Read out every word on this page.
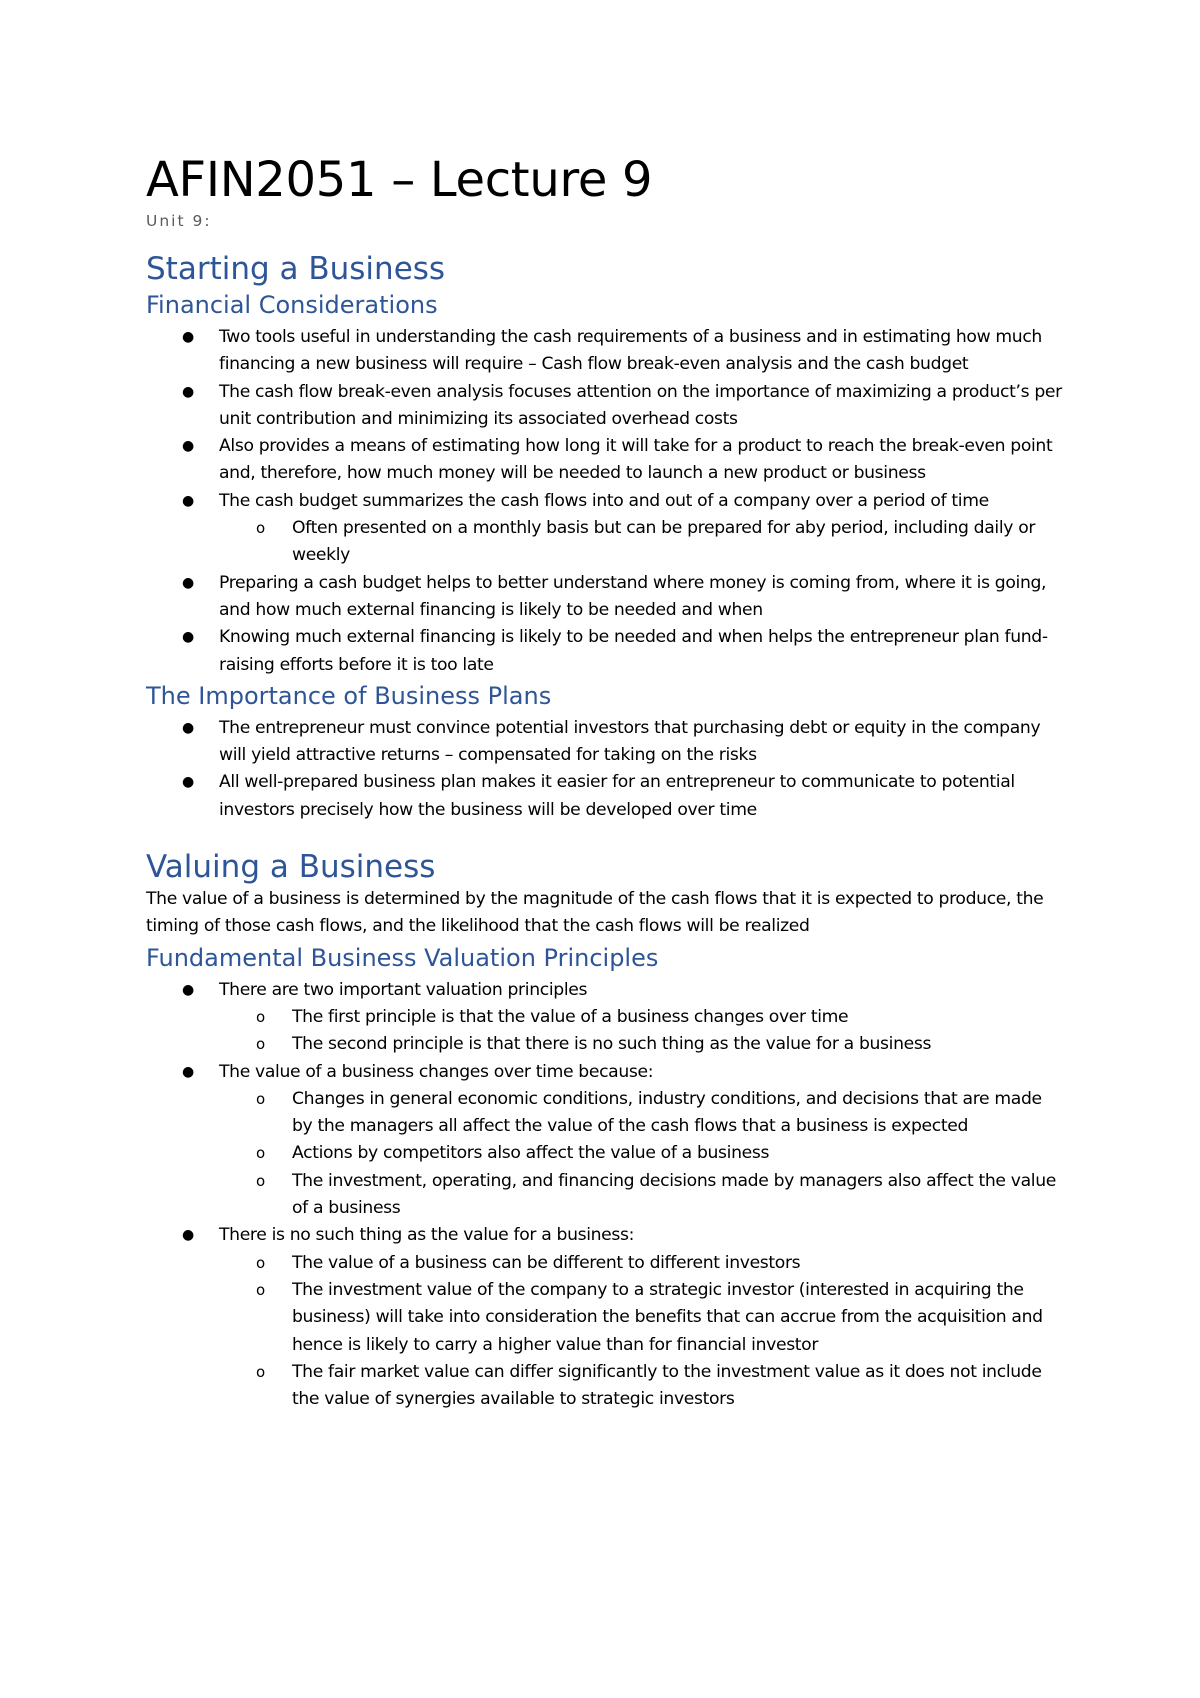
AFIN2051 – Lecture 9
Unit 9:
Starting a Business
Financial Considerations
● Two tools useful in understanding the cash requirements of a business and in estimating how much financing a new business will require – Cash flow break-even analysis and the cash budget
● The cash flow break-even analysis focuses attention on the importance of maximizing a product’s per unit contribution and minimizing its associated overhead costs
● Also provides a means of estimating how long it will take for a product to reach the break-even point and, therefore, how much money will be needed to launch a new product or business
● The cash budget summarizes the cash flows into and out of a company over a period of time
o Often presented on a monthly basis but can be prepared for aby period, including daily or weekly
● Preparing a cash budget helps to better understand where money is coming from, where it is going, and how much external financing is likely to be needed and when
● Knowing much external financing is likely to be needed and when helps the entrepreneur plan fund-raising efforts before it is too late
The Importance of Business Plans
● The entrepreneur must convince potential investors that purchasing debt or equity in the company will yield attractive returns – compensated for taking on the risks
● All well-prepared business plan makes it easier for an entrepreneur to communicate to potential investors precisely how the business will be developed over time
Valuing a Business

The value of a business is determined by the magnitude of the cash flows that it is expected to produce, the timing of those cash flows, and the likelihood that the cash flows will be realized

Fundamental Business Valuation Principles
● There are two important valuation principles
o The first principle is that the value of a business changes over time
o The second principle is that there is no such thing as the value for a business
● The value of a business changes over time because:
o Changes in general economic conditions, industry conditions, and decisions that are made by the managers all affect the value of the cash flows that a business is expected
o Actions by competitors also affect the value of a business
o The investment, operating, and financing decisions made by managers also affect the value of a business
● There is no such thing as the value for a business:
o The value of a business can be different to different investors
o The investment value of the company to a strategic investor (interested in acquiring the business) will take into consideration the benefits that can accrue from the acquisition and hence is likely to carry a higher value than for financial investor
o The fair market value can differ significantly to the investment value as it does not include the value of synergies available to strategic investors
